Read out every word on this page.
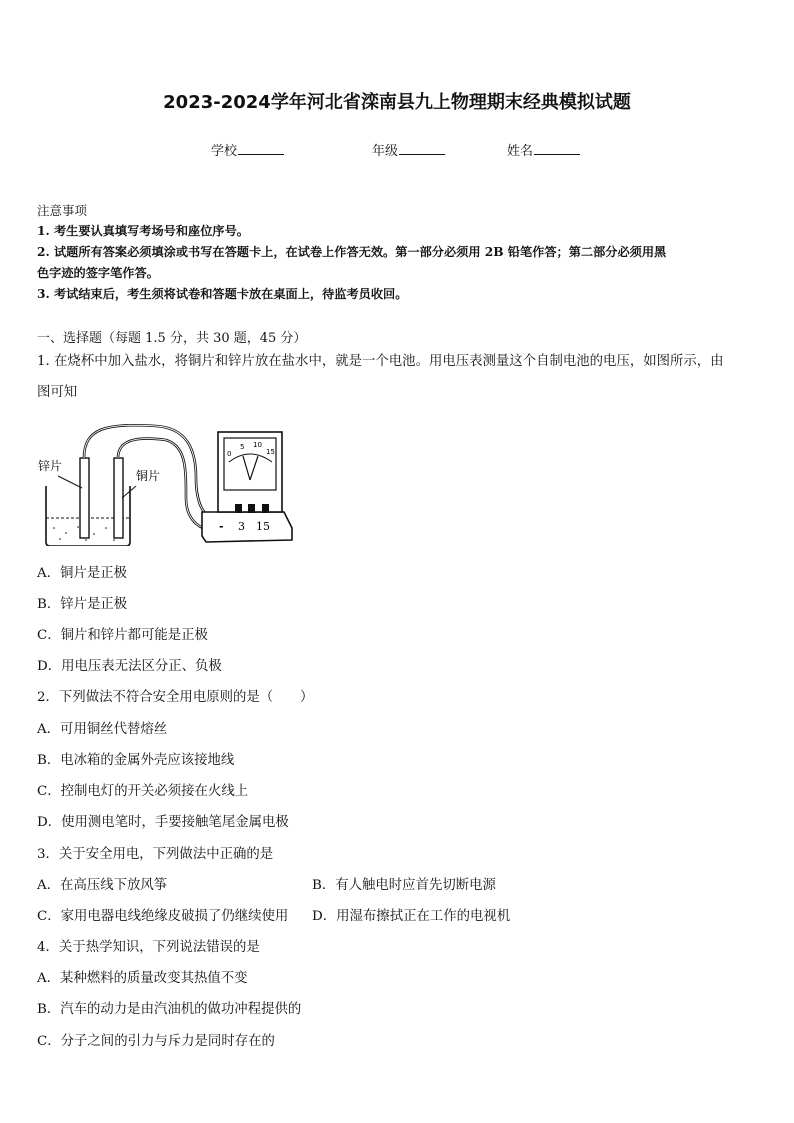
2023-2024学年河北省滦南县九上物理期末经典模拟试题
学校	年级	姓名
注意事项
1. 考生要认真填写考场号和座位序号。
2. 试题所有答案必须填涂或书写在答题卡上，在试卷上作答无效。第一部分必须用 2B 铅笔作答；第二部分必须用黑
色字迹的签字笔作答。
3. 考试结束后，考生须将试卷和答题卡放在桌面上，待监考员收回。
一、选择题（每题 1.5 分，共 30 题，45 分）
1. 在烧杯中加入盐水，将铜片和锌片放在盐水中，就是一个电池。用电压表测量这个自制电池的电压，如图所示，由
图可知
锌片
铜片
0
5 10
15
- 3 15
A．铜片是正极
B．锌片是正极
C．铜片和锌片都可能是正极
D．用电压表无法区分正、负极
2．下列做法不符合安全用电原则的是（　　）
A．可用铜丝代替熔丝
B．电冰箱的金属外壳应该接地线
C．控制电灯的开关必须接在火线上
D．使用测电笔时，手要接触笔尾金属电极
3．关于安全用电，下列做法中正确的是
A．在高压线下放风筝	B．有人触电时应首先切断电源
C．家用电器电线绝缘皮破损了仍继续使用 D．用湿布擦拭正在工作的电视机
4．关于热学知识，下列说法错误的是
A．某种燃料的质量改变其热值不变
B．汽车的动力是由汽油机的做功冲程提供的
C．分子之间的引力与斥力是同时存在的
